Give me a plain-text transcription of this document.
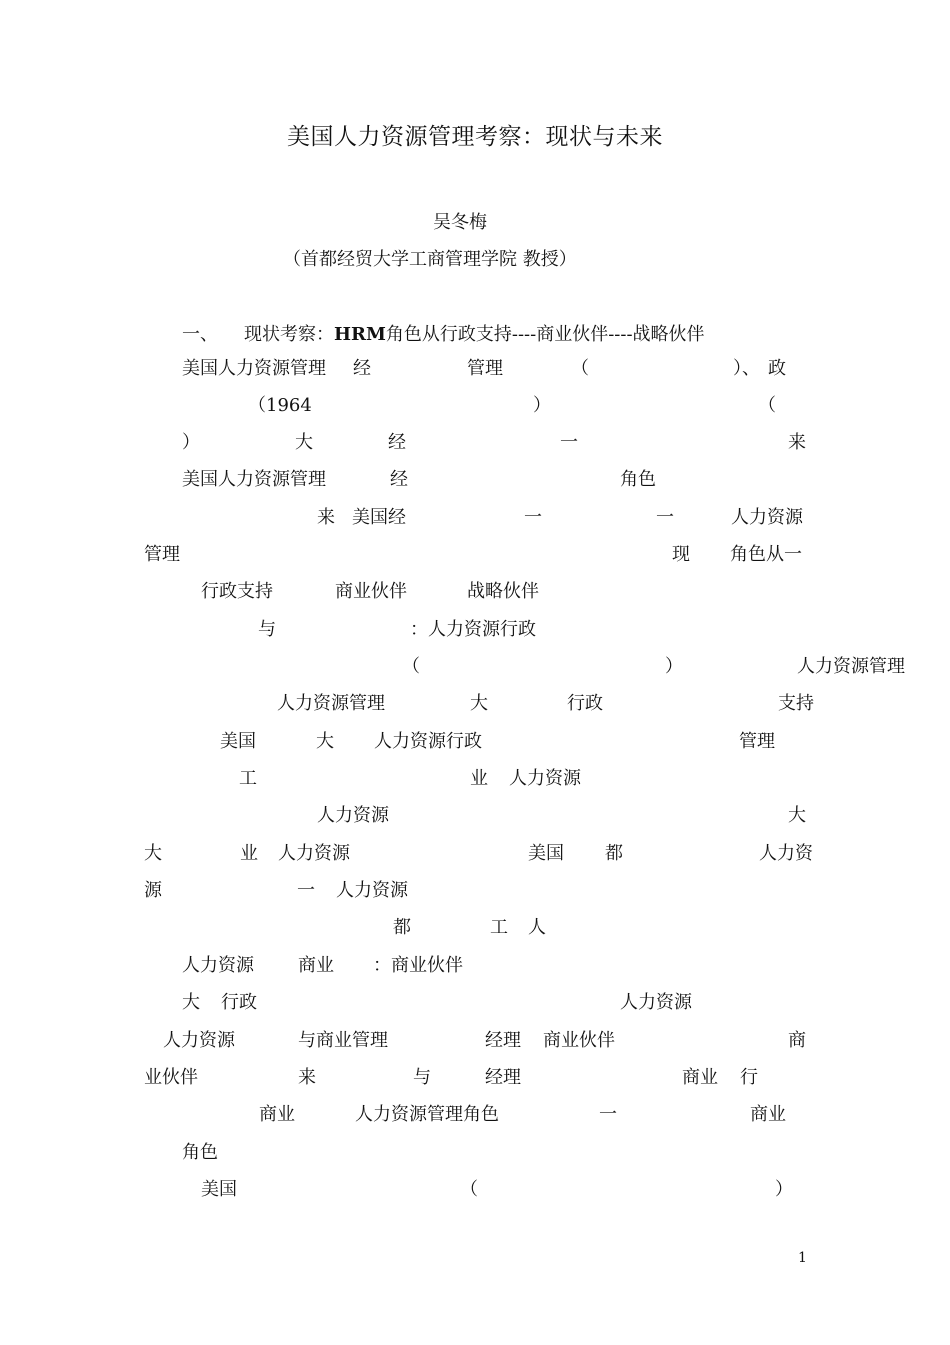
美国人力资源管理考察：现状与未来
吴冬梅
（首都经贸大学工商管理学院 教授）
一、 现状考察：HRM角色从行政支持----商业伙伴----战略伙伴
美国人力资源管理 经	管理	（	）、 政
（1964	）	（
）	大	经	一	来
美国人力资源管理	经	角色
来 美国经	一	一	人力资源
管理	现 角色从一
行政支持	商业伙伴	战略伙伴
与	：人力资源行政
（	）	人力资源管理
人力资源管理	大	行政	支持
美国	大 人力资源行政	管理
工	业 人力资源
人力资源	大
大	业 人力资源	美国 都	人力资
源	一 人力资源
都	工 人
人力资源 商业 ：商业伙伴
大 行政	人力资源
人力资源	与商业管理	经理 商业伙伴	商
业伙伴	来	与	经理	商业 行
商业	人力资源管理角色	一	商业
角色
美国	（	）
1
